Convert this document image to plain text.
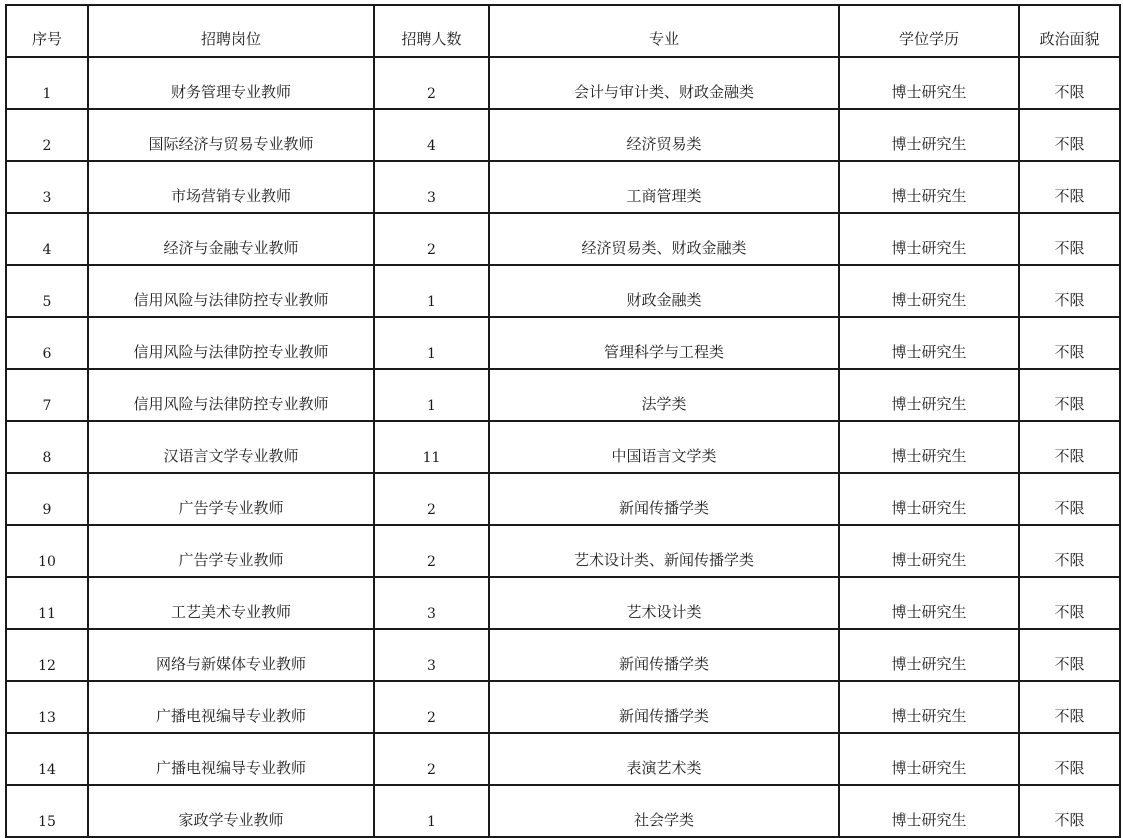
序号	招聘岗位	招聘人数	专业	学位学历	政治面貌
1	财务管理专业教师	2	会计与审计类、财政金融类	博士研究生	不限
2	国际经济与贸易专业教师	4	经济贸易类	博士研究生	不限
3	市场营销专业教师	3	工商管理类	博士研究生	不限
4	经济与金融专业教师	2	经济贸易类、财政金融类	博士研究生	不限
5	信用风险与法律防控专业教师	1	财政金融类	博士研究生	不限
6	信用风险与法律防控专业教师	1	管理科学与工程类	博士研究生	不限
7	信用风险与法律防控专业教师	1	法学类	博士研究生	不限
8	汉语言文学专业教师	11	中国语言文学类	博士研究生	不限
9	广告学专业教师	2	新闻传播学类	博士研究生	不限
10	广告学专业教师	2	艺术设计类、新闻传播学类	博士研究生	不限
11	工艺美术专业教师	3	艺术设计类	博士研究生	不限
12	网络与新媒体专业教师	3	新闻传播学类	博士研究生	不限
13	广播电视编导专业教师	2	新闻传播学类	博士研究生	不限
14	广播电视编导专业教师	2	表演艺术类	博士研究生	不限
15	家政学专业教师	1	社会学类	博士研究生	不限
